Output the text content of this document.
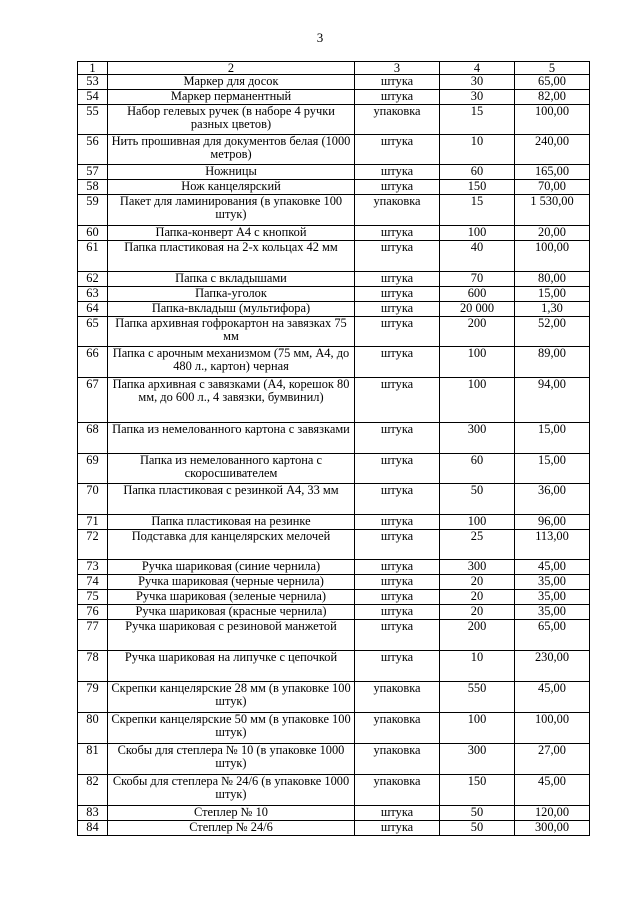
3
1	2	3	4	5
53	Маркер для досок	штука	30	65,00
54	Маркер перманентный	штука	30	82,00
55	Набор гелевых ручек (в наборе 4 ручки разных цветов)	упаковка	15	100,00
56	Нить прошивная для документов белая (1000 метров)	штука	10	240,00
57	Ножницы	штука	60	165,00
58	Нож канцелярский	штука	150	70,00
59	Пакет для ламинирования (в упаковке 100 штук)	упаковка	15	1 530,00
60	Папка-конверт А4 с кнопкой	штука	100	20,00
61	Папка пластиковая на 2-х кольцах 42 мм	штука	40	100,00
62	Папка с вкладышами	штука	70	80,00
63	Папка-уголок	штука	600	15,00
64	Папка-вкладыш (мультифора)	штука	20 000	1,30
65	Папка архивная гофрокартон на завязках 75 мм	штука	200	52,00
66	Папка с арочным механизмом (75 мм, А4, до 480 л., картон) черная	штука	100	89,00
67	Папка архивная с завязками (А4, корешок 80 мм, до 600 л., 4 завязки, бумвинил)	штука	100	94,00
68	Папка из немелованного картона с завязками	штука	300	15,00
69	Папка из немелованного картона с скоросшивателем	штука	60	15,00
70	Папка пластиковая с резинкой А4, 33 мм	штука	50	36,00
71	Папка пластиковая на резинке	штука	100	96,00
72	Подставка для канцелярских мелочей	штука	25	113,00
73	Ручка шариковая (синие чернила)	штука	300	45,00
74	Ручка шариковая (черные чернила)	штука	20	35,00
75	Ручка шариковая (зеленые чернила)	штука	20	35,00
76	Ручка шариковая (красные чернила)	штука	20	35,00
77	Ручка шариковая с резиновой манжетой	штука	200	65,00
78	Ручка шариковая на липучке с цепочкой	штука	10	230,00
79	Скрепки канцелярские 28 мм (в упаковке 100 штук)	упаковка	550	45,00
80	Скрепки канцелярские 50 мм (в упаковке 100 штук)	упаковка	100	100,00
81	Скобы для степлера № 10 (в упаковке 1000 штук)	упаковка	300	27,00
82	Скобы для степлера № 24/6 (в упаковке 1000 штук)	упаковка	150	45,00
83	Степлер № 10	штука	50	120,00
84	Степлер № 24/6	штука	50	300,00
